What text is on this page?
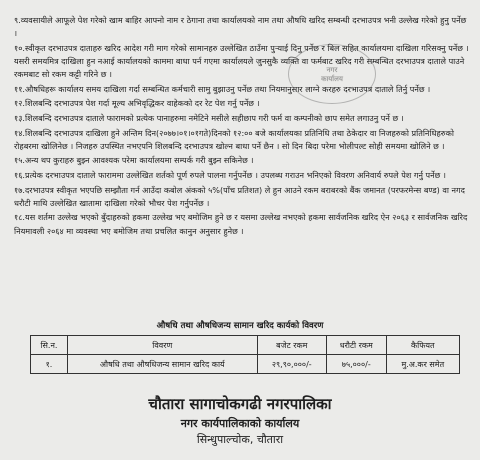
९.व्यवसायीले आफूले पेश गरेको खाम बाहिर आफ्नो नाम र ठेगाना तथा कार्यालयको नाम तथा औषधि खरिद सम्बन्धी दरभाउपत्र भनी उल्लेख गरेको हुनु पर्नेछ ।

१०.स्वीकृत दरभाउपत्र दाताहरु खरिद आदेश गरी माग गरेको सामानहरु उल्लेखित ठाउँमा पुऱ्याई दिनु पर्नेछ र बिल सहित कार्यालयमा दाखिला गरिसक्नु पर्नेछ । यसरी समयमित्र दाखिला हुन नआई कार्यालयको काममा बाधा पर्न गएमा कार्यालयले जुनसुकै व्यक्ति वा फर्मबाट खरिद गरी सम्बन्धित दरभाउपत्र दाताले पाउने रकमबाट सो रकम कट्टी गरिने छ ।

११.औषधिहरू कार्यालय समय दाखिला गर्दा सम्बन्धित कर्मचारी सामु बुझाउनु पर्नेछ तथा नियमानुसार लाग्ने करहरु दरभाउपत्र दाताले तिर्नु पर्नेछ ।

१२.शिलबन्दि दरभाउपत्र पेश गर्दा मूल्य अभिवृद्धिकर वाहेकको दर रेट पेश गर्नु पर्नेछ ।

१३.शिलबन्दि दरभाउपत्र दाताले फारामको प्रत्येक पानाहरुमा नमेटिने मसीले सहीछाप गरी फर्म वा कम्पनीको छाप समेत लगाउनु पर्ने छ ।

१४.शिलबन्दि दरभाउपत्र दाखिला हुने अन्तिम दिन(२०७७।०१।०१गते)दिनको १२:०० बजे कार्यालयका प्रतिनिधि तथा ठेकेदार वा निजहरुको प्रतिनिधिहरुको रोहबरमा खोलिनेछ । निजहरु उपस्थित नभएपनि शिलबन्दि दरभाउपत्र खोल्न बाधा पर्ने छैन । सो दिन बिदा परेमा भोलीपल्ट सोही समयमा खोलिने छ ।

१५.अन्य थप कुराहरु बुझ्न आवश्यक परेमा कार्यालयमा सम्पर्क गरी बुझ्न सकिनेछ ।

१६.प्रत्येक दरभाउपत्र दाताले फाराममा उल्लेखित शर्तको पूर्ण रुपले पालना गर्नुपर्नेछ । उपलब्ध गराउन भनिएको विवरण अनिवार्य रुपले पेश गर्नु पर्नेछ ।

१७.दरभाउपत्र स्वीकृत भएपछि सम्झौता गर्न आउँदा कबोल अंकको ५%(पाँच प्रतिशत) ले हुन आउने रकम बराबरको बैंक जमानत (परफरमेन्स बण्ड) वा नगद धरौटी माथि उल्लेखित खातामा दाखिला गरेको भौचर पेश गर्नुपर्नेछ ।

१८.यस शर्तमा उल्लेख भएको बुँदाहरुको हकमा उल्लेख भए बमोजिम हुने छ र यसमा उल्लेख नभएको हकमा सार्वजनिक खरिद ऐन २०६३ र सार्वजनिक खरिद नियमावली २०६४ मा व्यवस्था भए बमोजिम तथा प्रचलित कानुन अनुसार हुनेछ ।

नगर
कार्यालय
औषधि तथा औषधिजन्य सामान खरिद कार्यको विवरण
सि.न.	विवरण	बजेट रकम	धरौटी रकम	कैफियत
१.	औषधि तथा औषधिजन्य सामान खरिद कार्य	२९,९०,०००/-	७५,०००/-	मु.अ.कर समेत
चौतारा सागाचोकगढी नगरपालिका
नगर कार्यपालिकाको कार्यालय
सिन्धुपाल्चोक, चौतारा
